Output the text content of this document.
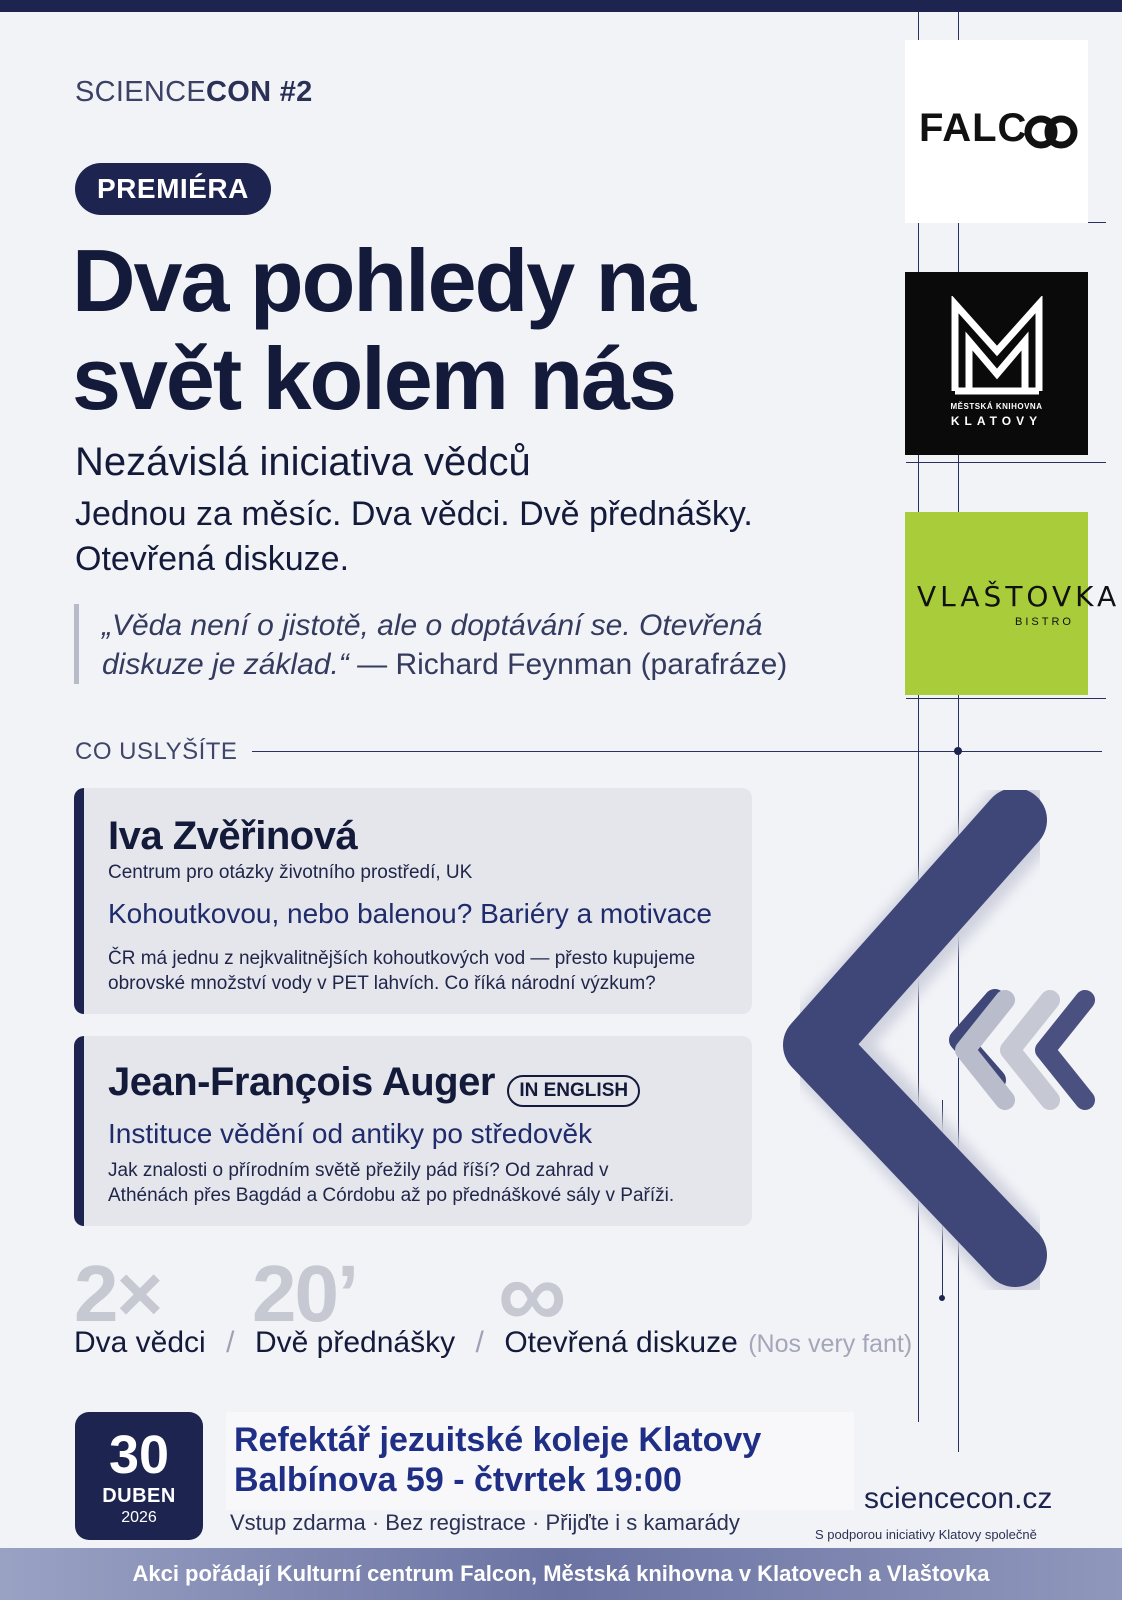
FALC
MĚSTSKÁ KNIHOVNA
KLATOVY
VLAŠTOVKA
BISTRO
SCIENCECON #2
PREMIÉRA
Dva pohledy na
svět kolem nás
Nezávislá iniciativa vědců
Jednou za měsíc. Dva vědci. Dvě přednášky.
Otevřená diskuze.
„Věda není o jistotě, ale o doptávání se. Otevřená
diskuze je základ.“ — Richard Feynman (parafráze)
CO USLYŠÍTE
Iva Zvěřinová
Centrum pro otázky životního prostředí, UK
Kohoutkovou, nebo balenou? Bariéry a motivace
ČR má jednu z nejkvalitnějších kohoutkových vod — přesto kupujeme
obrovské množství vody v PET lahvích. Co říká národní výzkum?
Jean-François Auger IN ENGLISH
Instituce vědění od antiky po středověk
Jak znalosti o přírodním světě přežily pád říší? Od zahrad v
Athénách přes Bagdád a Córdobu až po přednáškové sály v Paříži.
2× 20’ ∞
Dva vědci / Dvě přednášky / Otevřená diskuze (Nos very fant)
30
DUBEN
2026
Refektář jezuitské koleje Klatovy
Balbínova 59 - čtvrtek 19:00
Vstup zdarma · Bez registrace · Přijďte i s kamarády
sciencecon.cz
S podporou iniciativy Klatovy společně
Akci pořádají Kulturní centrum Falcon, Městská knihovna v Klatovech a Vlaštovka
